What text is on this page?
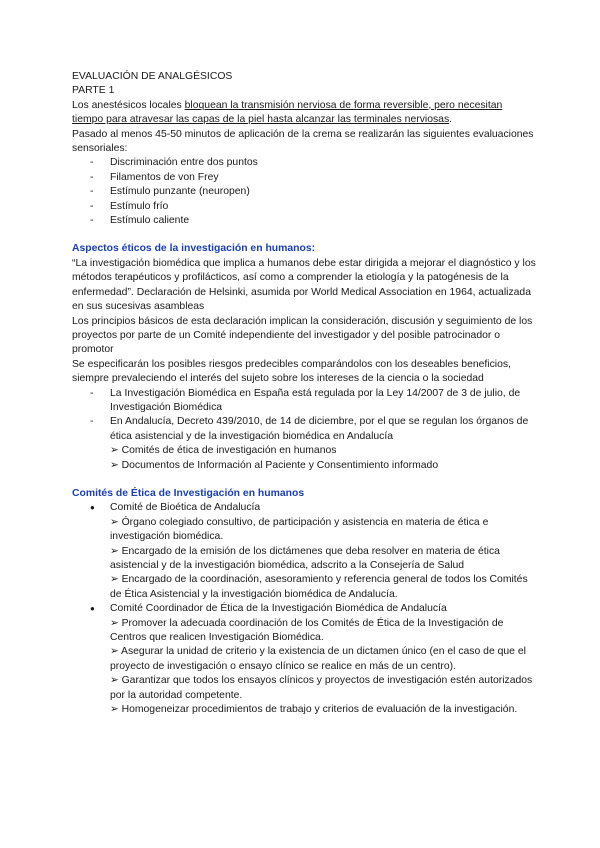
EVALUACIÓN DE ANALGÉSICOS

PARTE 1

Los anestésicos locales bloquean la transmisión nerviosa de forma reversible, pero necesitan tiempo para atravesar las capas de la piel hasta alcanzar las terminales nerviosas.

Pasado al menos 45-50 minutos de aplicación de la crema se realizarán las siguientes evaluaciones sensoriales:

- Discriminación entre dos puntos
- Filamentos de von Frey
- Estímulo punzante (neuropen)
- Estímulo frío
- Estímulo caliente

Aspectos éticos de la investigación en humanos:

“La investigación biomédica que implica a humanos debe estar dirigida a mejorar el diagnóstico y los métodos terapéuticos y profilácticos, así como a comprender la etiología y la patogénesis de la enfermedad”. Declaración de Helsinki, asumida por World Medical Association en 1964, actualizada en sus sucesivas asambleas

Los principios básicos de esta declaración implican la consideración, discusión y seguimiento de los proyectos por parte de un Comité independiente del investigador y del posible patrocinador o promotor

Se especificarán los posibles riesgos predecibles comparándolos con los deseables beneficios, siempre prevaleciendo el interés del sujeto sobre los intereses de la ciencia o la sociedad

- La Investigación Biomédica en España está regulada por la Ley 14/2007 de 3 de julio, de Investigación Biomédica
- En Andalucía, Decreto 439/2010, de 14 de diciembre, por el que se regulan los órganos de ética asistencial y de la investigación biomédica en Andalucía

➢ Comités de ética de investigación en humanos

➢ Documentos de Información al Paciente y Consentimiento informado

Comités de Ética de Investigación en humanos

● Comité de Bioética de Andalucía
➢ Órgano colegiado consultivo, de participación y asistencia en materia de ética e investigación biomédica.
➢ Encargado de la emisión de los dictámenes que deba resolver en materia de ética asistencial y de la investigación biomédica, adscrito a la Consejería de Salud
➢ Encargado de la coordinación, asesoramiento y referencia general de todos los Comités de Ética Asistencial y la investigación biomédica de Andalucía.
● Comité Coordinador de Ética de la Investigación Biomédica de Andalucía
➢ Promover la adecuada coordinación de los Comités de Ética de la Investigación de Centros que realicen Investigación Biomédica.
➢ Asegurar la unidad de criterio y la existencia de un dictamen único (en el caso de que el proyecto de investigación o ensayo clínico se realice en más de un centro).
➢ Garantizar que todos los ensayos clínicos y proyectos de investigación estén autorizados por la autoridad competente.
➢ Homogeneizar procedimientos de trabajo y criterios de evaluación de la investigación.
